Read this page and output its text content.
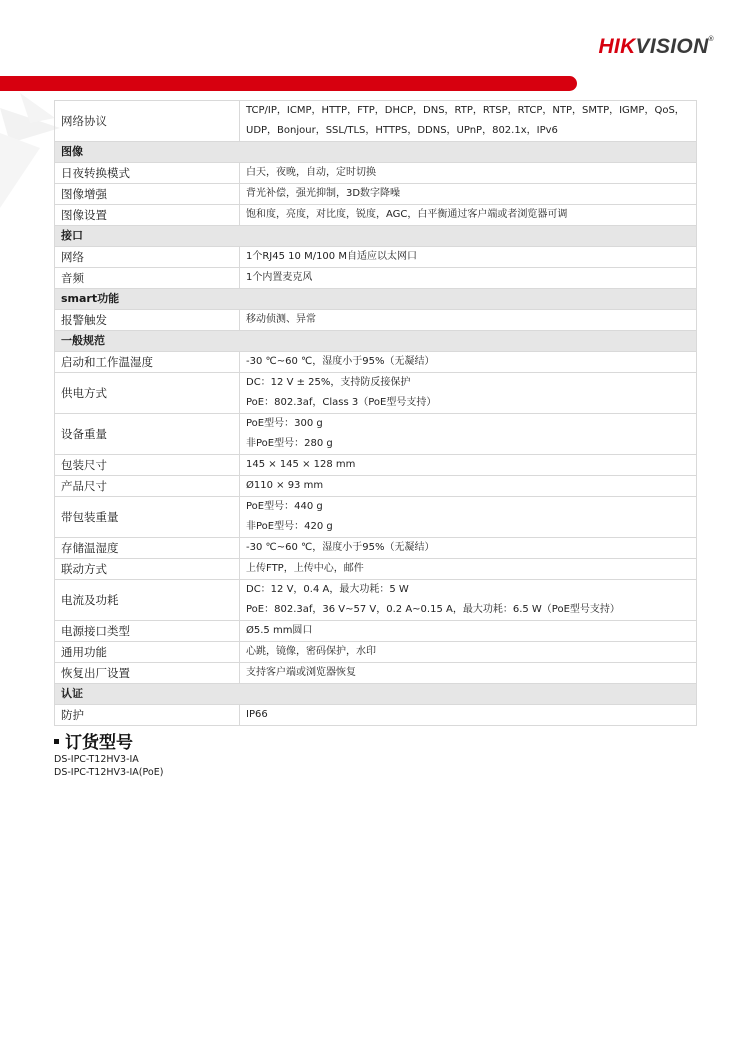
HIKVISION®
网络协议	TCP/IP，ICMP，HTTP，FTP，DHCP，DNS，RTP，RTSP，RTCP，NTP，SMTP，IGMP，QoS，
UDP，Bonjour，SSL/TLS，HTTPS，DDNS，UPnP，802.1x，IPv6

图像	
日夜转换模式	白天，夜晚，自动，定时切换

图像增强	背光补偿，强光抑制，3D数字降噪

图像设置	饱和度，亮度，对比度，锐度，AGC，白平衡通过客户端或者浏览器可调

接口	
网络	1个RJ45 10 M/100 M自适应以太网口

音频	1个内置麦克风

smart功能	
报警触发	移动侦测、异常

一般规范	
启动和工作温湿度	-30 ℃~60 ℃，湿度小于95%（无凝结）

供电方式	DC：12 V ± 25%，支持防反接保护
PoE：802.3af，Class 3（PoE型号支持）

设备重量	PoE型号：300 g
非PoE型号：280 g

包装尺寸	145 × 145 × 128 mm

产品尺寸	Ø110 × 93 mm

带包装重量	PoE型号：440 g
非PoE型号：420 g

存储温湿度	-30 ℃~60 ℃，湿度小于95%（无凝结）

联动方式	上传FTP，上传中心，邮件

电流及功耗	DC：12 V，0.4 A，最大功耗：5 W
PoE：802.3af，36 V~57 V，0.2 A~0.15 A，最大功耗：6.5 W（PoE型号支持）

电源接口类型	Ø5.5 mm圆口

通用功能	心跳，镜像，密码保护，水印

恢复出厂设置	支持客户端或浏览器恢复

认证	
防护	IP66
订货型号
DS-IPC-T12HV3-IA
DS-IPC-T12HV3-IA(PoE)
